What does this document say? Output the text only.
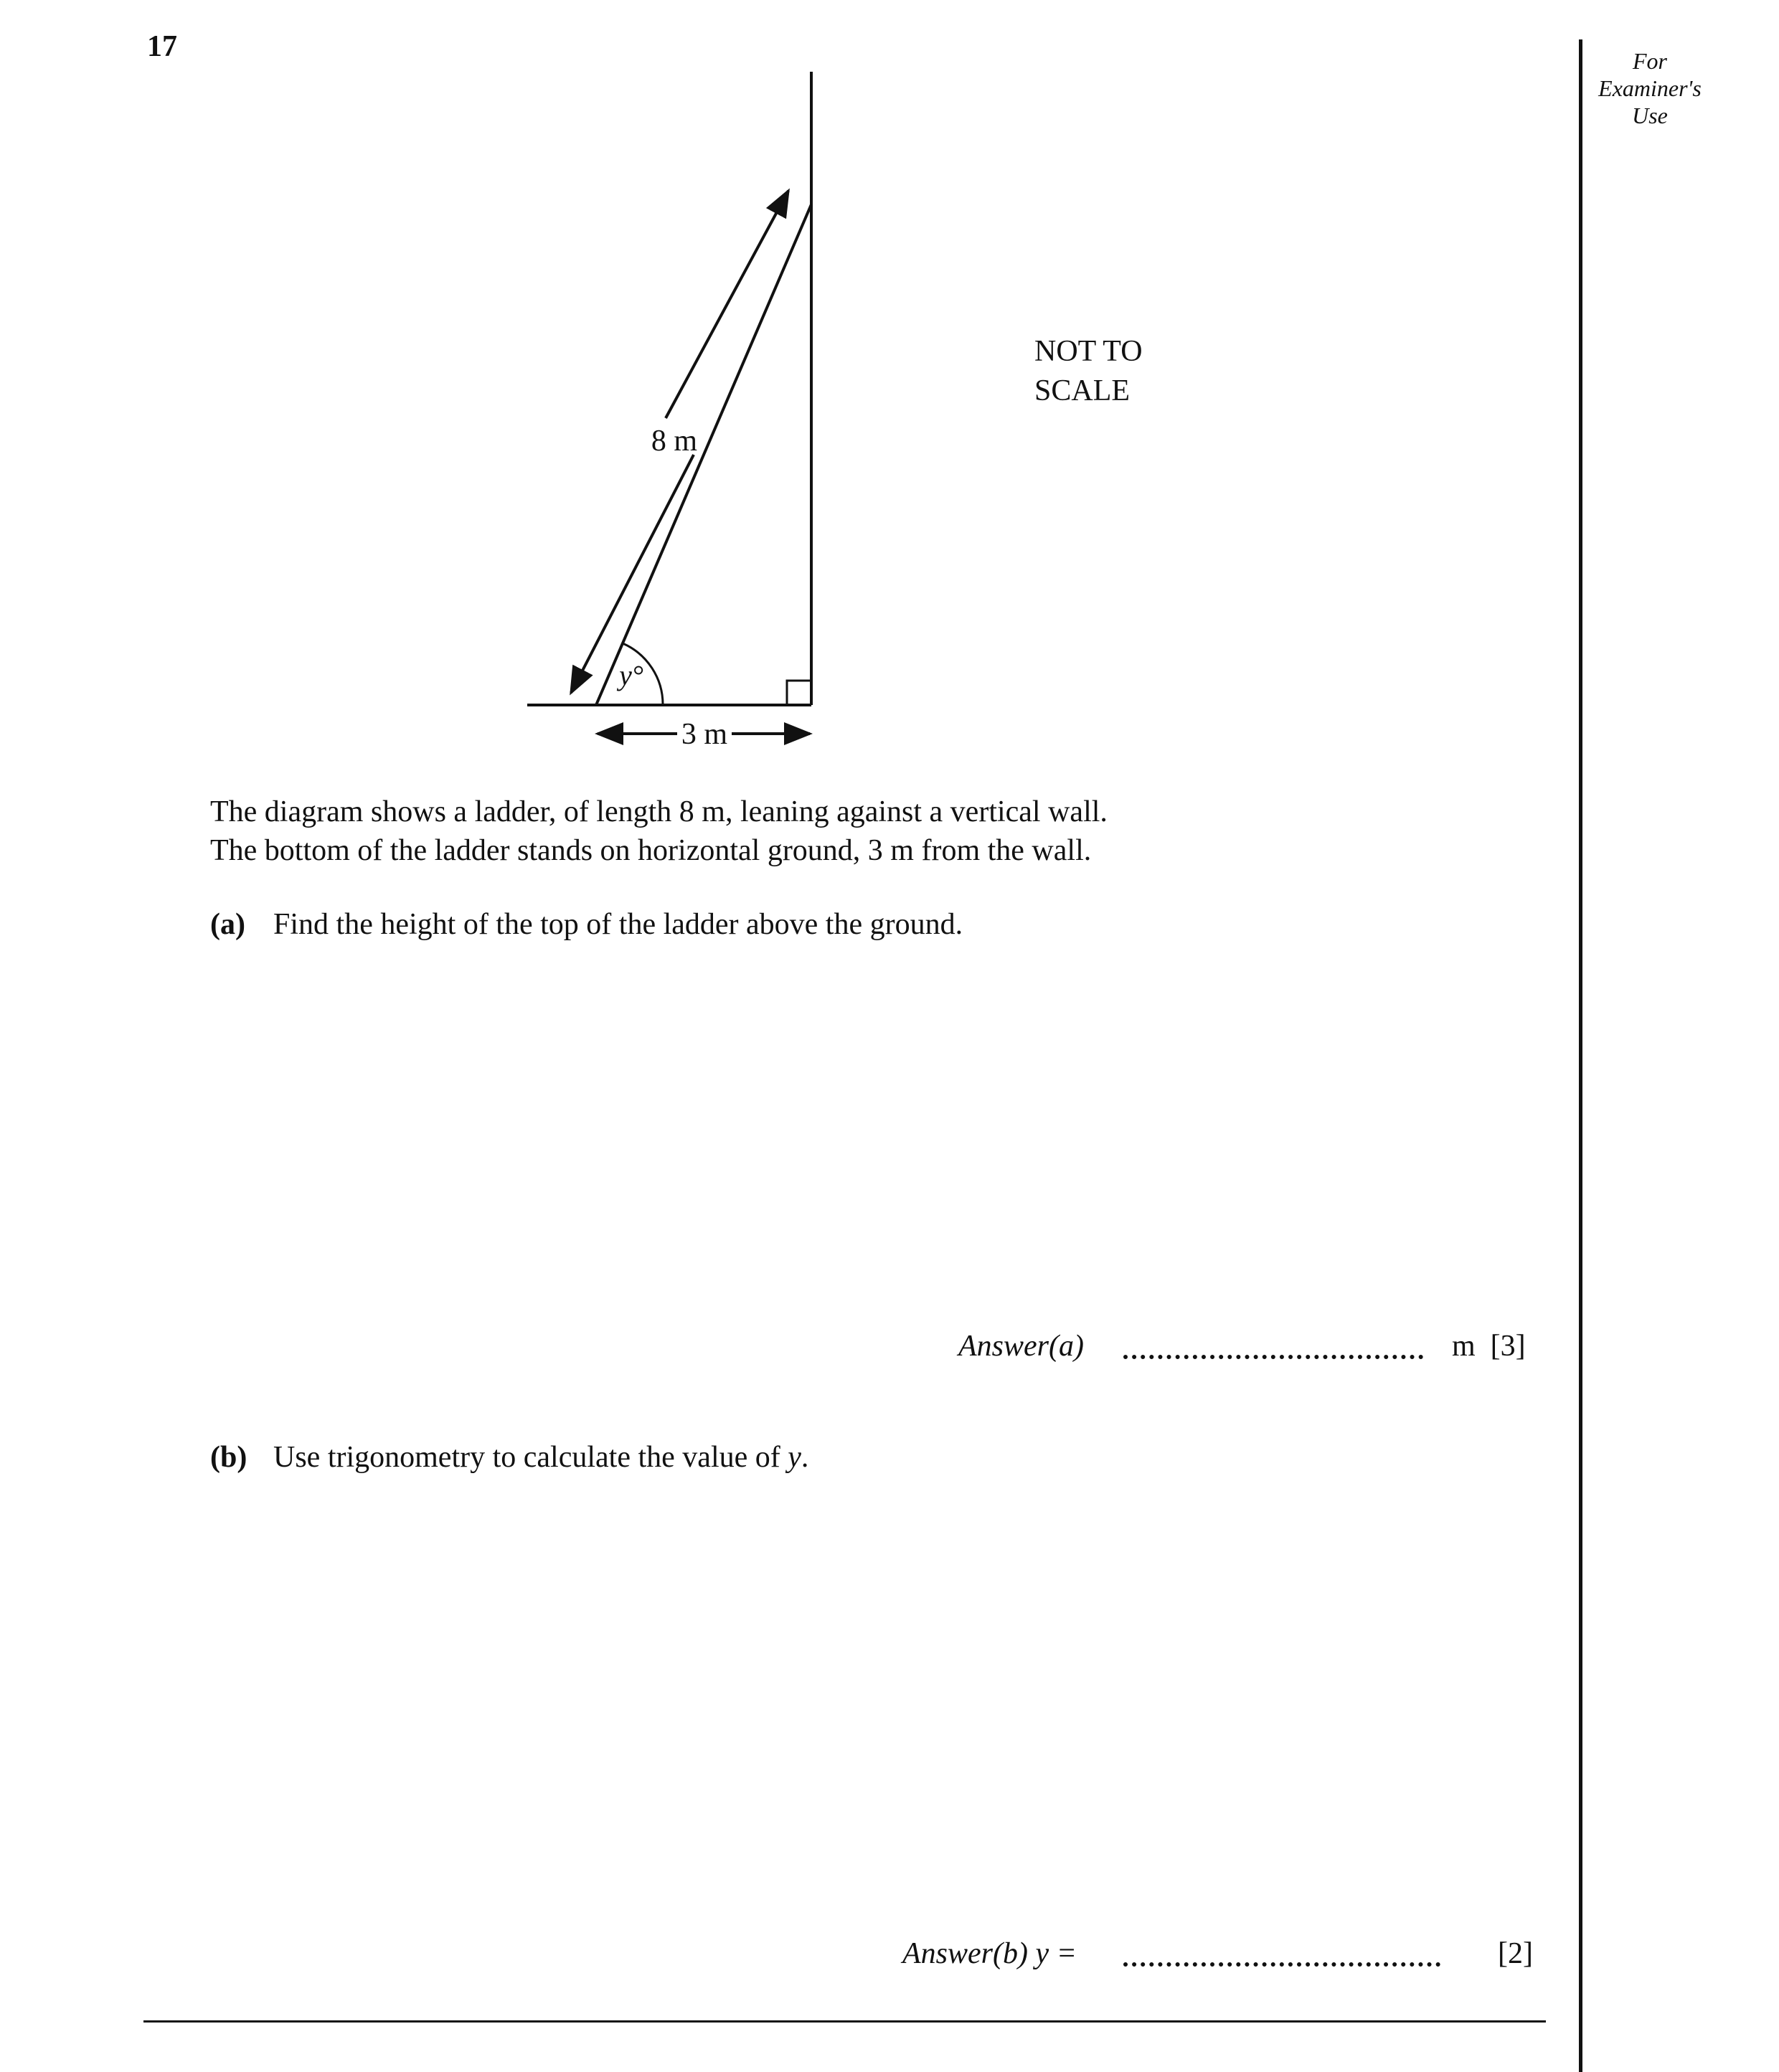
17	For
Examiner's
Use
8 m
y°
3 m
NOT TO
SCALE
The diagram shows a ladder, of length 8 m, leaning against a vertical wall.
The bottom of the ladder stands on horizontal ground, 3 m from the wall.
(a) Find the height of the top of the ladder above the ground.
Answer(a)	m [3]
(b) Use trigonometry to calculate the value of y.
Answer(b) y =	[2]
